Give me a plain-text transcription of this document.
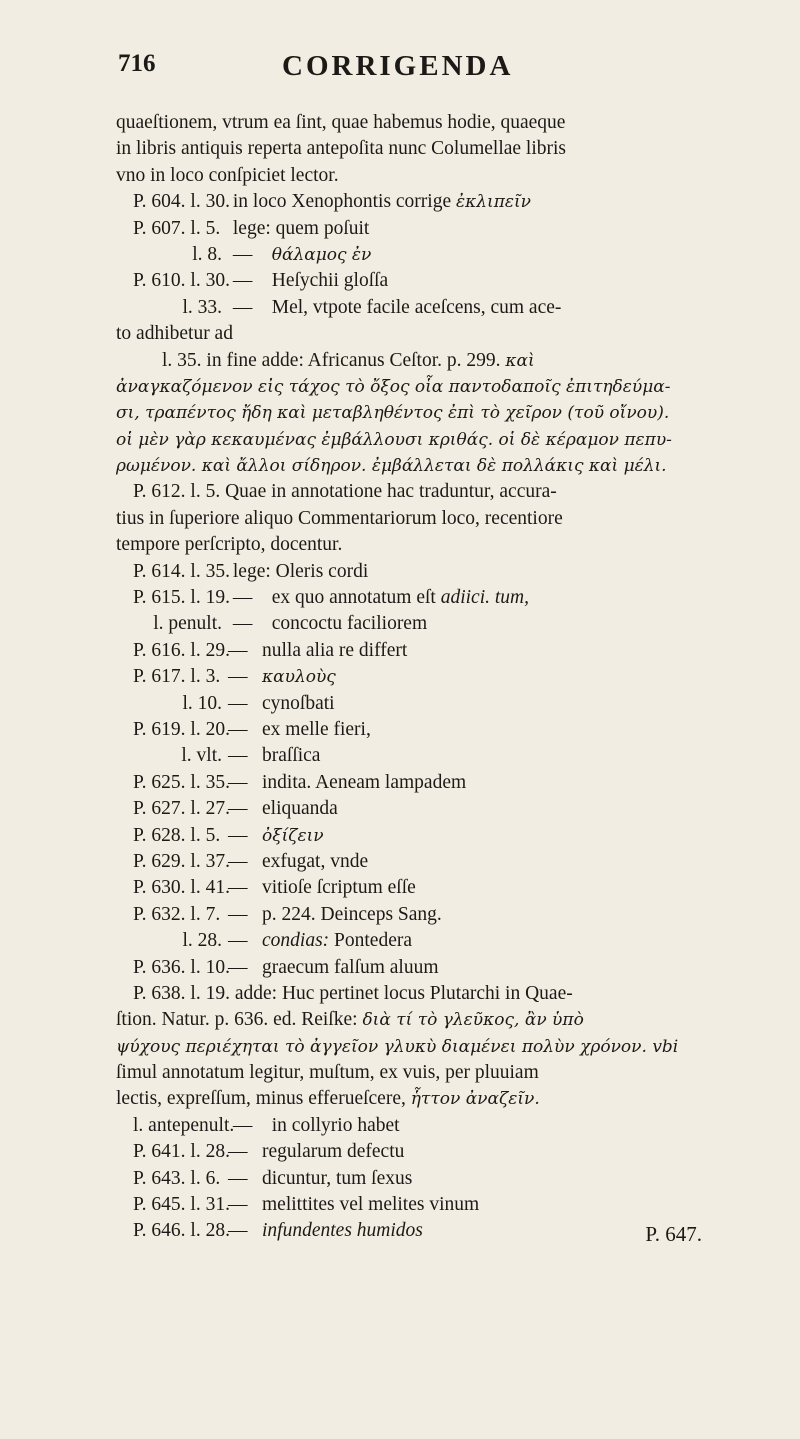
716	CORRIGENDA
quaeſtionem, vtrum ea ſint, quae habemus hodie, quaeque
in libris antiquis reperta antepoſita nunc Columellae libris
vno in loco conſpiciet lector.
P. 604. l. 30. in loco Xenophontis corrige ἐκλιπεῖν
P. 607. l. 5. lege: quem poſuit
l. 8. — θάλαμος ἐν
P. 610. l. 30. — Heſychii gloſſa
l. 33. — Mel, vtpote facile aceſcens, cum ace-
to adhibetur ad
l. 35. in fine adde: Africanus Ceſtor. p. 299. καὶ
ἀναγκαζόμενον εἰς τάχος τὸ ὄξος οἷα παντοδαποῖς ἐπιτηδεύμα-
σι, τραπέντος ἤδη καὶ μεταβληθέντος ἐπὶ τὸ χεῖρον (τοῦ οἴνου).
οἱ μὲν γὰρ κεκαυμένας ἐμβάλλουσι κριθάς. οἱ δὲ κέραμον πεπυ-
ρωμένον. καὶ ἄλλοι σίδηρον. ἐμβάλλεται δὲ πολλάκις καὶ μέλι.
P. 612. l. 5. Quae in annotatione hac traduntur, accura-
tius in ſuperiore aliquo Commentariorum loco, recentiore
tempore perſcripto, docentur.
P. 614. l. 35. lege: Oleris cordi
P. 615. l. 19. — ex quo annotatum eſt adiici. tum,
l. penult. — concoctu faciliorem
P. 616. l. 29.— nulla alia re differt
P. 617. l. 3. — καυλοὺς
l. 10. — cynoſbati
P. 619. l. 20.— ex melle fieri,
l. vlt. — braſſica
P. 625. l. 35.— indita. Aeneam lampadem
P. 627. l. 27.— eliquanda
P. 628. l. 5. — ὀξίζειν
P. 629. l. 37.— exfugat, vnde
P. 630. l. 41.— vitioſe ſcriptum eſſe
P. 632. l. 7. — p. 224. Deinceps Sang.
l. 28. — condias: Pontedera
P. 636. l. 10.— graecum falſum aluum
P. 638. l. 19. adde: Huc pertinet locus Plutarchi in Quae-
ſtion. Natur. p. 636. ed. Reiſke: διὰ τί τὸ γλεῦκος, ἂν ὑπὸ
ψύχους περιέχηται τὸ ἀγγεῖον γλυκὺ διαμένει πολὺν χρόνον. vbi
ſimul annotatum legitur, muſtum, ex vuis, per pluuiam
lectis, expreſſum, minus efferueſcere, ἧττον ἀναζεῖν.
l. antepenult. — in collyrio habet
P. 641. l. 28.— regularum defectu
P. 643. l. 6. — dicuntur, tum ſexus
P. 645. l. 31.— melittites vel melites vinum
P. 646. l. 28.— infundentes humidos	P. 647.
